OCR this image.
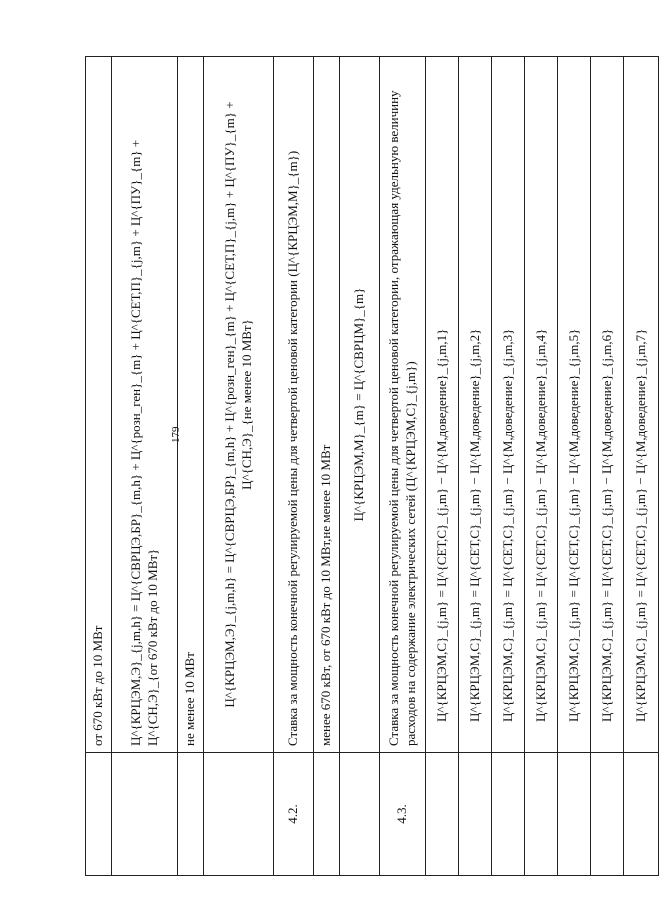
179
	от 670 кВт до 10 МВт
	Ц^{КРЦЭМ,Э}_{j,m,h} = Ц^{СВРЦЭ,БР}_{m,h} + Ц^{розн_ген}_{m} + Ц^{СЕТ,П}_{j,m} + Ц^{ПУ}_{m} + Ц^{СН,Э}_{от 670 кВт до 10 МВт}
	не менее 10 МВт
	Ц^{КРЦЭМ,Э}_{j,m,h} = Ц^{СВРЦЭ,БР}_{m,h} + Ц^{розн_ген}_{m} + Ц^{СЕТ,П}_{j,m} + Ц^{ПУ}_{m} + Ц^{СН,Э}_{не менее 10 МВт}
4.2.	Ставка за мощность конечной регулируемой цены для четвертой ценовой категории (Ц^{КРЦЭМ,М}_{m})
	менее 670 кВт, от 670 кВт до 10 МВт,не менее 10 МВт
	Ц^{КРЦЭМ,М}_{m} = Ц^{СВРЦМ}_{m}
4.3.	Ставка за мощность конечной регулируемой цены для четвертой ценовой категории, отражающая удельную величину расходов на содержание электрических сетей (Ц^{КРЦЭМ,С}_{j,m})
	Ц^{КРЦЭМ,С}_{j,m} = Ц^{СЕТ,С}_{j,m} − Ц^{М,доведение}_{j,m,1}
	Ц^{КРЦЭМ,С}_{j,m} = Ц^{СЕТ,С}_{j,m} − Ц^{М,доведение}_{j,m,2}
	Ц^{КРЦЭМ,С}_{j,m} = Ц^{СЕТ,С}_{j,m} − Ц^{М,доведение}_{j,m,3}
	Ц^{КРЦЭМ,С}_{j,m} = Ц^{СЕТ,С}_{j,m} − Ц^{М,доведение}_{j,m,4}
	Ц^{КРЦЭМ,С}_{j,m} = Ц^{СЕТ,С}_{j,m} − Ц^{М,доведение}_{j,m,5}
	Ц^{КРЦЭМ,С}_{j,m} = Ц^{СЕТ,С}_{j,m} − Ц^{М,доведение}_{j,m,6}
	Ц^{КРЦЭМ,С}_{j,m} = Ц^{СЕТ,С}_{j,m} − Ц^{М,доведение}_{j,m,7}
